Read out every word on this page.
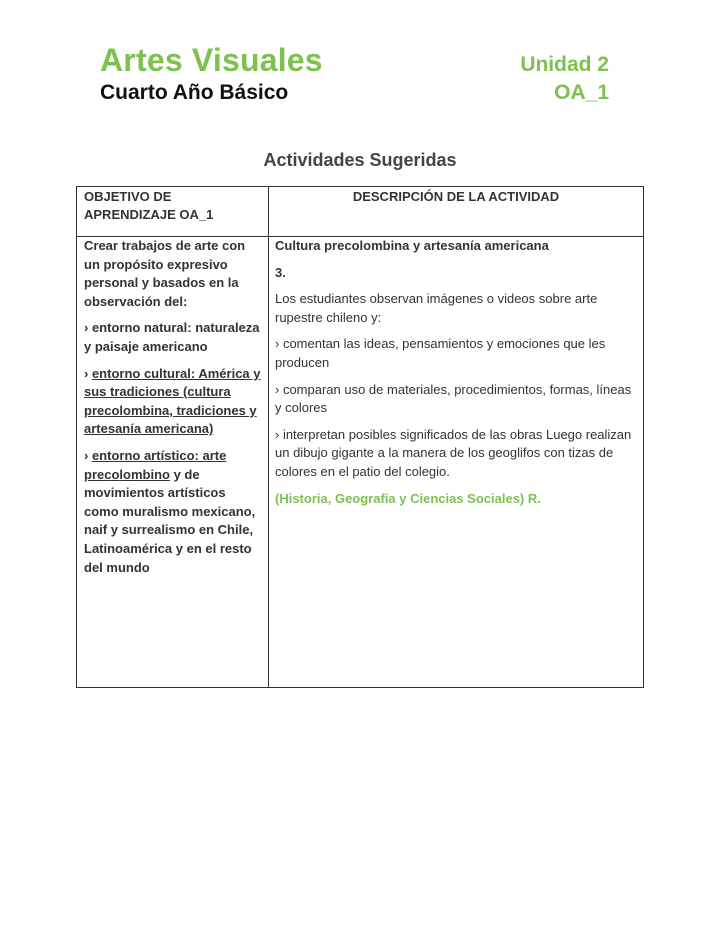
Artes Visuales
Cuarto Año Básico
Unidad 2
OA_1
Actividades Sugeridas
OBJETIVO DE APRENDIZAJE OA_1	DESCRIPCIÓN DE LA ACTIVIDAD

Crear trabajos de arte con un propósito expresivo personal y basados en la observación del:
› entorno natural: naturaleza y paisaje americano
› entorno cultural: América y sus tradiciones (cultura precolombina, tradiciones y artesanía americana)
› entorno artístico: arte precolombino y de movimientos artísticos como muralismo mexicano, naif y surrealismo en Chile, Latinoamérica y en el resto del mundo

Cultura precolombina y artesanía americana
3.
Los estudiantes observan imágenes o videos sobre arte rupestre chileno y:
› comentan las ideas, pensamientos y emociones que les producen
› comparan uso de materiales, procedimientos, formas, líneas y colores
› interpretan posibles significados de las obras Luego realizan un dibujo gigante a la manera de los geoglifos con tizas de colores en el patio del colegio.
(Historia, Geografía y Ciencias Sociales) R.
